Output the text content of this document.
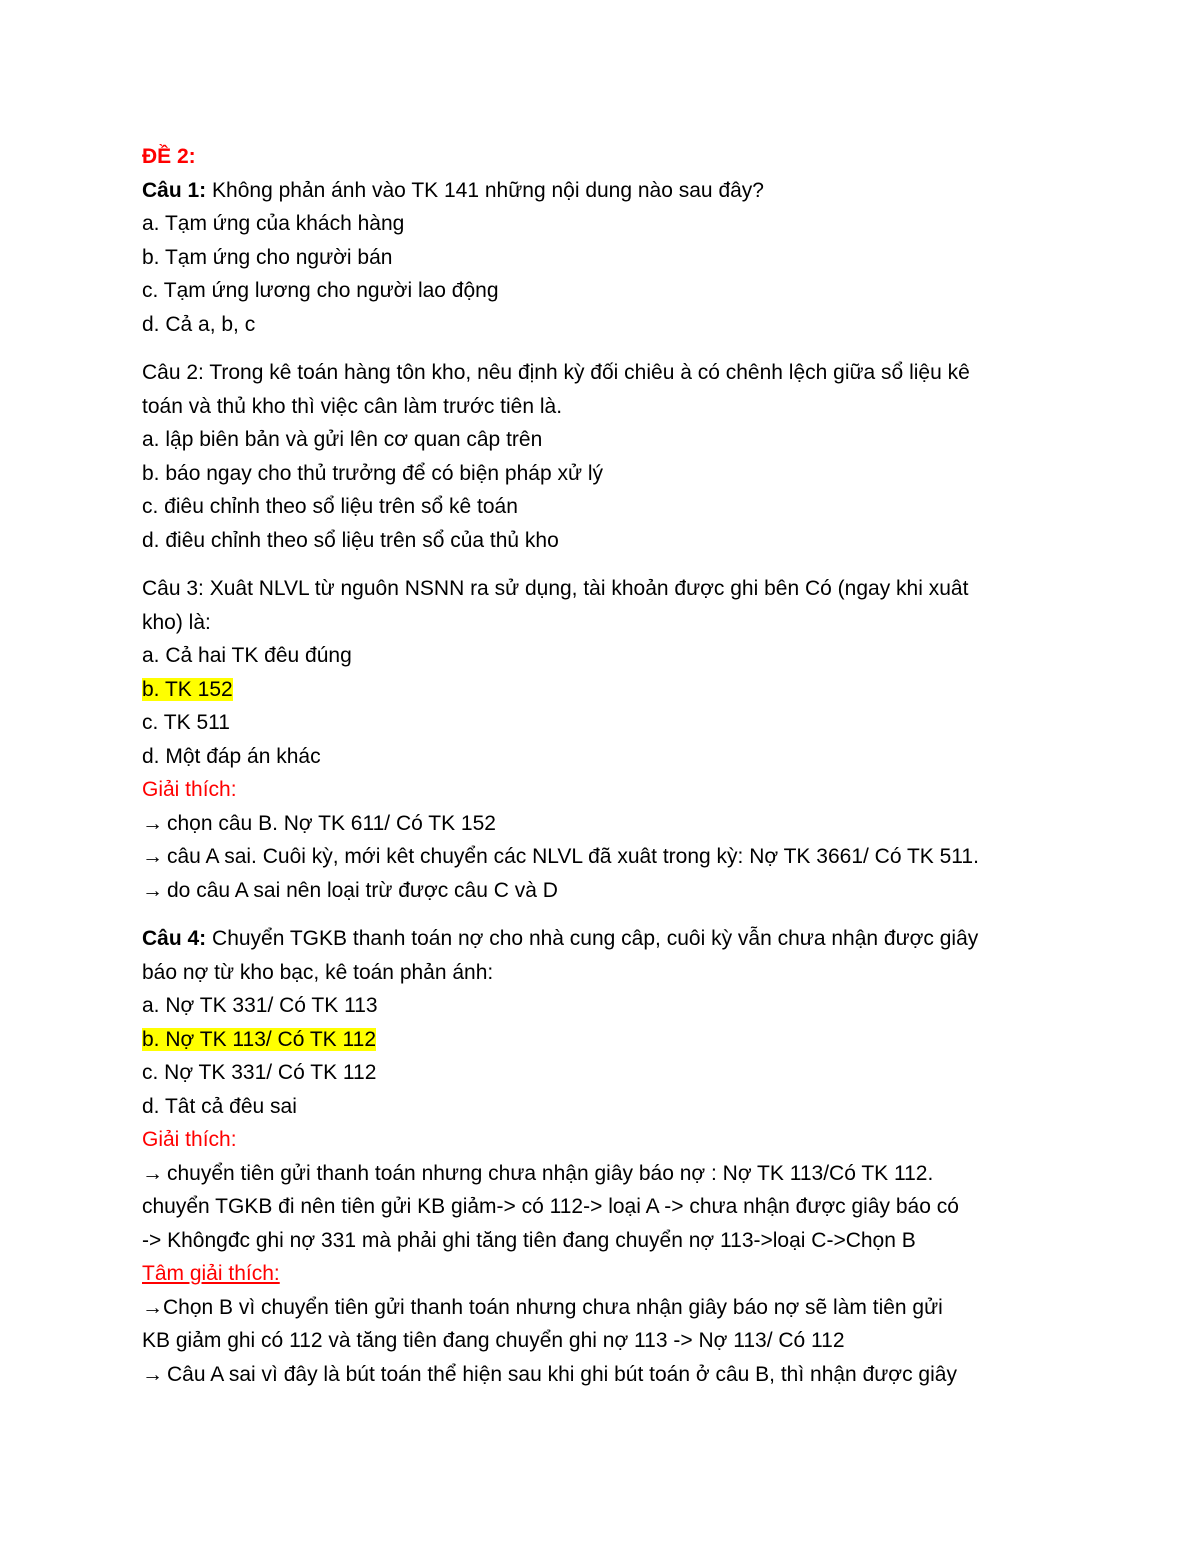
ĐỀ 2:
Câu 1: Không phản ánh vào TK 141 những nội dung nào sau đây?
a. Tạm ứng của khách hàng
b. Tạm ứng cho người bán
c. Tạm ứng lương cho người lao động
d. Cả a, b, c
Câu 2: Trong kê toán hàng tôn kho, nêu định kỳ đối chiêu à có chênh lệch giữa sổ liệu kê
toán và thủ kho thì việc cân làm trước tiên là.
a. lập biên bản và gửi lên cơ quan câp trên
b. báo ngay cho thủ trưởng để có biện pháp xử lý
c. điêu chỉnh theo sổ liệu trên sổ kê toán
d. điêu chỉnh theo sổ liệu trên sổ của thủ kho
Câu 3: Xuât NLVL từ nguôn NSNN ra sử dụng, tài khoản được ghi bên Có (ngay khi xuât
kho) là:
a. Cả hai TK đêu đúng
b. TK 152
c. TK 511
d. Một đáp án khác
Giải thích:
→ chọn câu B. Nợ TK 611/ Có TK 152
→ câu A sai. Cuôi kỳ, mới kêt chuyển các NLVL đã xuât trong kỳ: Nợ TK 3661/ Có TK 511.
→ do câu A sai nên loại trừ được câu C và D
Câu 4: Chuyển TGKB thanh toán nợ cho nhà cung câp, cuôi kỳ vẫn chưa nhận được giây
báo nợ từ kho bạc, kê toán phản ánh:
a. Nợ TK 331/ Có TK 113
b. Nợ TK 113/ Có TK 112
c. Nợ TK 331/ Có TK 112
d. Tât cả đêu sai
Giải thích:
→ chuyển tiên gửi thanh toán nhưng chưa nhận giây báo nợ : Nợ TK 113/Có TK 112.
chuyển TGKB đi nên tiên gửi KB giảm-> có 112-> loại A -> chưa nhận được giây báo có
-> Khôngđc ghi nợ 331 mà phải ghi tăng tiên đang chuyển nợ 113->loại C->Chọn B
Tâm giải thích:
→Chọn B vì chuyển tiên gửi thanh toán nhưng chưa nhận giây báo nợ sẽ làm tiên gửi
KB giảm ghi có 112 và tăng tiên đang chuyển ghi nợ 113 -> Nợ 113/ Có 112
→ Câu A sai vì đây là bút toán thể hiện sau khi ghi bút toán ở câu B, thì nhận được giây
